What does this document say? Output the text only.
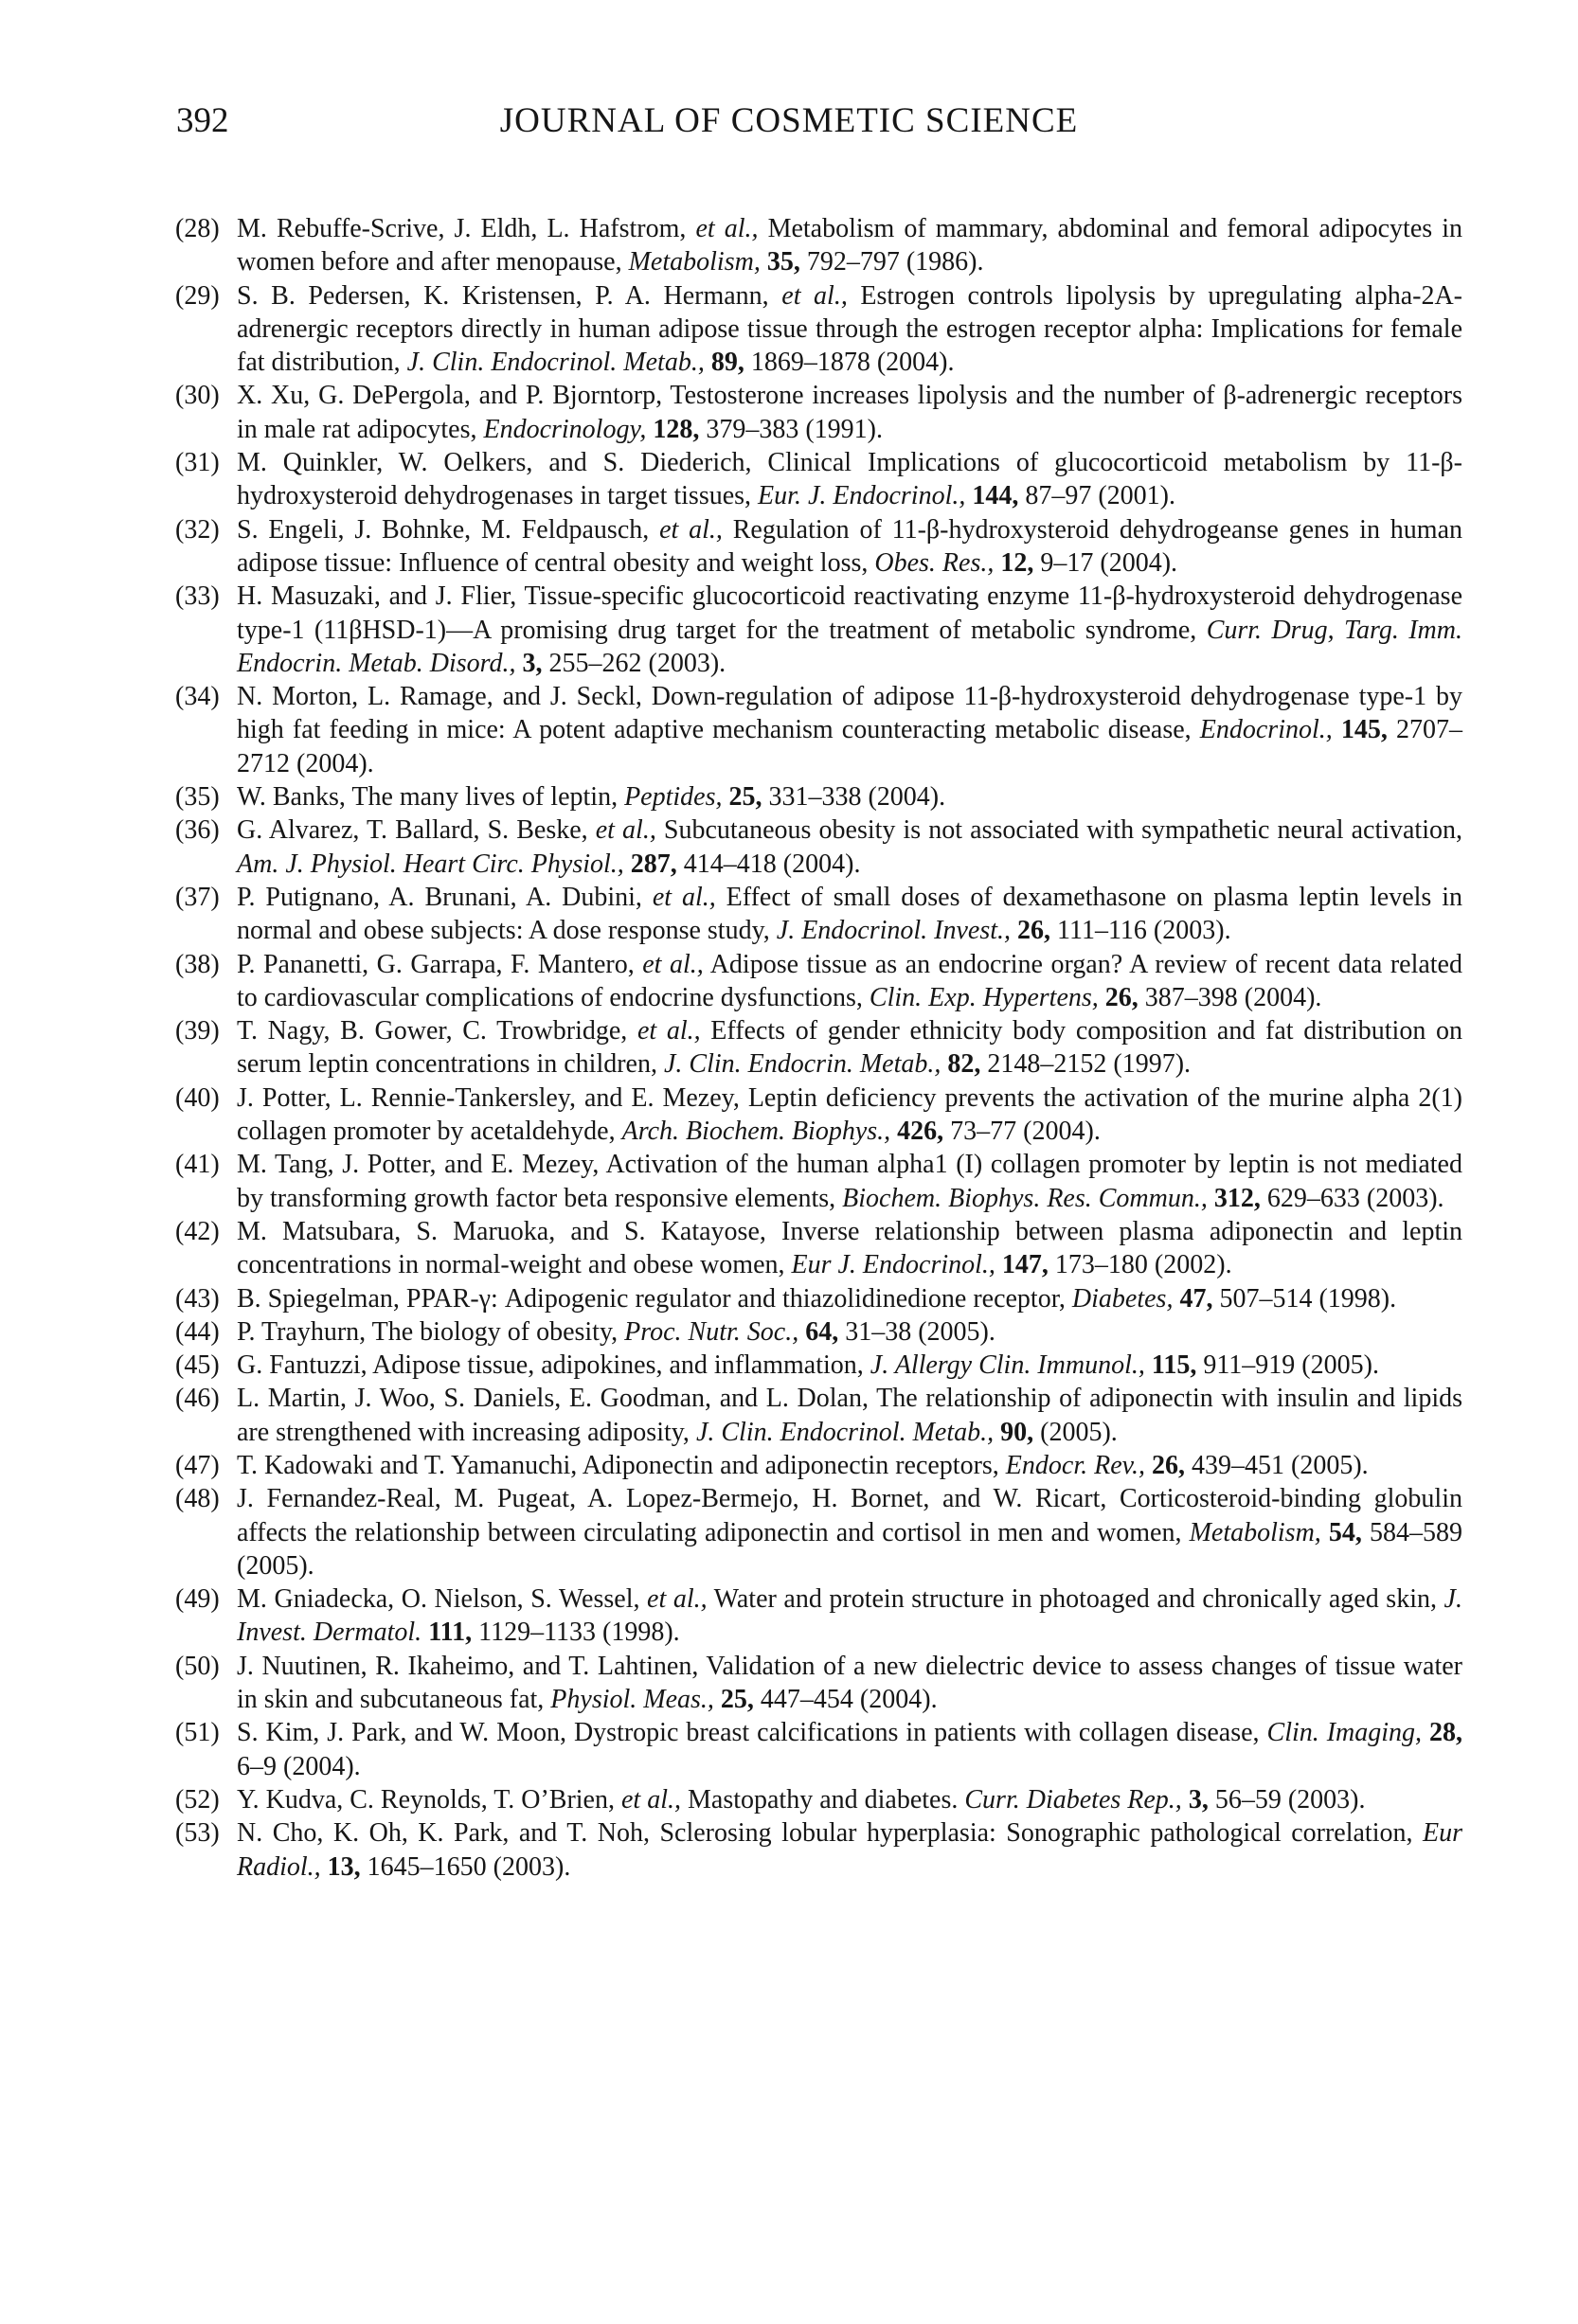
392	JOURNAL OF COSMETIC SCIENCE
(28) M. Rebuffe-Scrive, J. Eldh, L. Hafstrom, et al., Metabolism of mammary, abdominal and femoral adipocytes in women before and after menopause, Metabolism, 35, 792–797 (1986).
(29) S. B. Pedersen, K. Kristensen, P. A. Hermann, et al., Estrogen controls lipolysis by upregulating alpha-2A-adrenergic receptors directly in human adipose tissue through the estrogen receptor alpha: Implications for female fat distribution, J. Clin. Endocrinol. Metab., 89, 1869–1878 (2004).
(30) X. Xu, G. DePergola, and P. Bjorntorp, Testosterone increases lipolysis and the number of β-adrenergic receptors in male rat adipocytes, Endocrinology, 128, 379–383 (1991).
(31) M. Quinkler, W. Oelkers, and S. Diederich, Clinical Implications of glucocorticoid metabolism by 11-β-hydroxysteroid dehydrogenases in target tissues, Eur. J. Endocrinol., 144, 87–97 (2001).
(32) S. Engeli, J. Bohnke, M. Feldpausch, et al., Regulation of 11-β-hydroxysteroid dehydrogeanse genes in human adipose tissue: Influence of central obesity and weight loss, Obes. Res., 12, 9–17 (2004).
(33) H. Masuzaki, and J. Flier, Tissue-specific glucocorticoid reactivating enzyme 11-β-hydroxysteroid dehydrogenase type-1 (11βHSD-1)—A promising drug target for the treatment of metabolic syndrome, Curr. Drug, Targ. Imm. Endocrin. Metab. Disord., 3, 255–262 (2003).
(34) N. Morton, L. Ramage, and J. Seckl, Down-regulation of adipose 11-β-hydroxysteroid dehydrogenase type-1 by high fat feeding in mice: A potent adaptive mechanism counteracting metabolic disease, Endocrinol., 145, 2707–2712 (2004).
(35) W. Banks, The many lives of leptin, Peptides, 25, 331–338 (2004).
(36) G. Alvarez, T. Ballard, S. Beske, et al., Subcutaneous obesity is not associated with sympathetic neural activation, Am. J. Physiol. Heart Circ. Physiol., 287, 414–418 (2004).
(37) P. Putignano, A. Brunani, A. Dubini, et al., Effect of small doses of dexamethasone on plasma leptin levels in normal and obese subjects: A dose response study, J. Endocrinol. Invest., 26, 111–116 (2003).
(38) P. Pananetti, G. Garrapa, F. Mantero, et al., Adipose tissue as an endocrine organ? A review of recent data related to cardiovascular complications of endocrine dysfunctions, Clin. Exp. Hypertens, 26, 387–398 (2004).
(39) T. Nagy, B. Gower, C. Trowbridge, et al., Effects of gender ethnicity body composition and fat distribution on serum leptin concentrations in children, J. Clin. Endocrin. Metab., 82, 2148–2152 (1997).
(40) J. Potter, L. Rennie-Tankersley, and E. Mezey, Leptin deficiency prevents the activation of the murine alpha 2(1) collagen promoter by acetaldehyde, Arch. Biochem. Biophys., 426, 73–77 (2004).
(41) M. Tang, J. Potter, and E. Mezey, Activation of the human alpha1 (I) collagen promoter by leptin is not mediated by transforming growth factor beta responsive elements, Biochem. Biophys. Res. Commun., 312, 629–633 (2003).
(42) M. Matsubara, S. Maruoka, and S. Katayose, Inverse relationship between plasma adiponectin and leptin concentrations in normal-weight and obese women, Eur J. Endocrinol., 147, 173–180 (2002).
(43) B. Spiegelman, PPAR-γ: Adipogenic regulator and thiazolidinedione receptor, Diabetes, 47, 507–514 (1998).
(44) P. Trayhurn, The biology of obesity, Proc. Nutr. Soc., 64, 31–38 (2005).
(45) G. Fantuzzi, Adipose tissue, adipokines, and inflammation, J. Allergy Clin. Immunol., 115, 911–919 (2005).
(46) L. Martin, J. Woo, S. Daniels, E. Goodman, and L. Dolan, The relationship of adiponectin with insulin and lipids are strengthened with increasing adiposity, J. Clin. Endocrinol. Metab., 90, (2005).
(47) T. Kadowaki and T. Yamanuchi, Adiponectin and adiponectin receptors, Endocr. Rev., 26, 439–451 (2005).
(48) J. Fernandez-Real, M. Pugeat, A. Lopez-Bermejo, H. Bornet, and W. Ricart, Corticosteroid-binding globulin affects the relationship between circulating adiponectin and cortisol in men and women, Metabolism, 54, 584–589 (2005).
(49) M. Gniadecka, O. Nielson, S. Wessel, et al., Water and protein structure in photoaged and chronically aged skin, J. Invest. Dermatol. 111, 1129–1133 (1998).
(50) J. Nuutinen, R. Ikaheimo, and T. Lahtinen, Validation of a new dielectric device to assess changes of tissue water in skin and subcutaneous fat, Physiol. Meas., 25, 447–454 (2004).
(51) S. Kim, J. Park, and W. Moon, Dystropic breast calcifications in patients with collagen disease, Clin. Imaging, 28, 6–9 (2004).
(52) Y. Kudva, C. Reynolds, T. O’Brien, et al., Mastopathy and diabetes. Curr. Diabetes Rep., 3, 56–59 (2003).
(53) N. Cho, K. Oh, K. Park, and T. Noh, Sclerosing lobular hyperplasia: Sonographic pathological correlation, Eur Radiol., 13, 1645–1650 (2003).
